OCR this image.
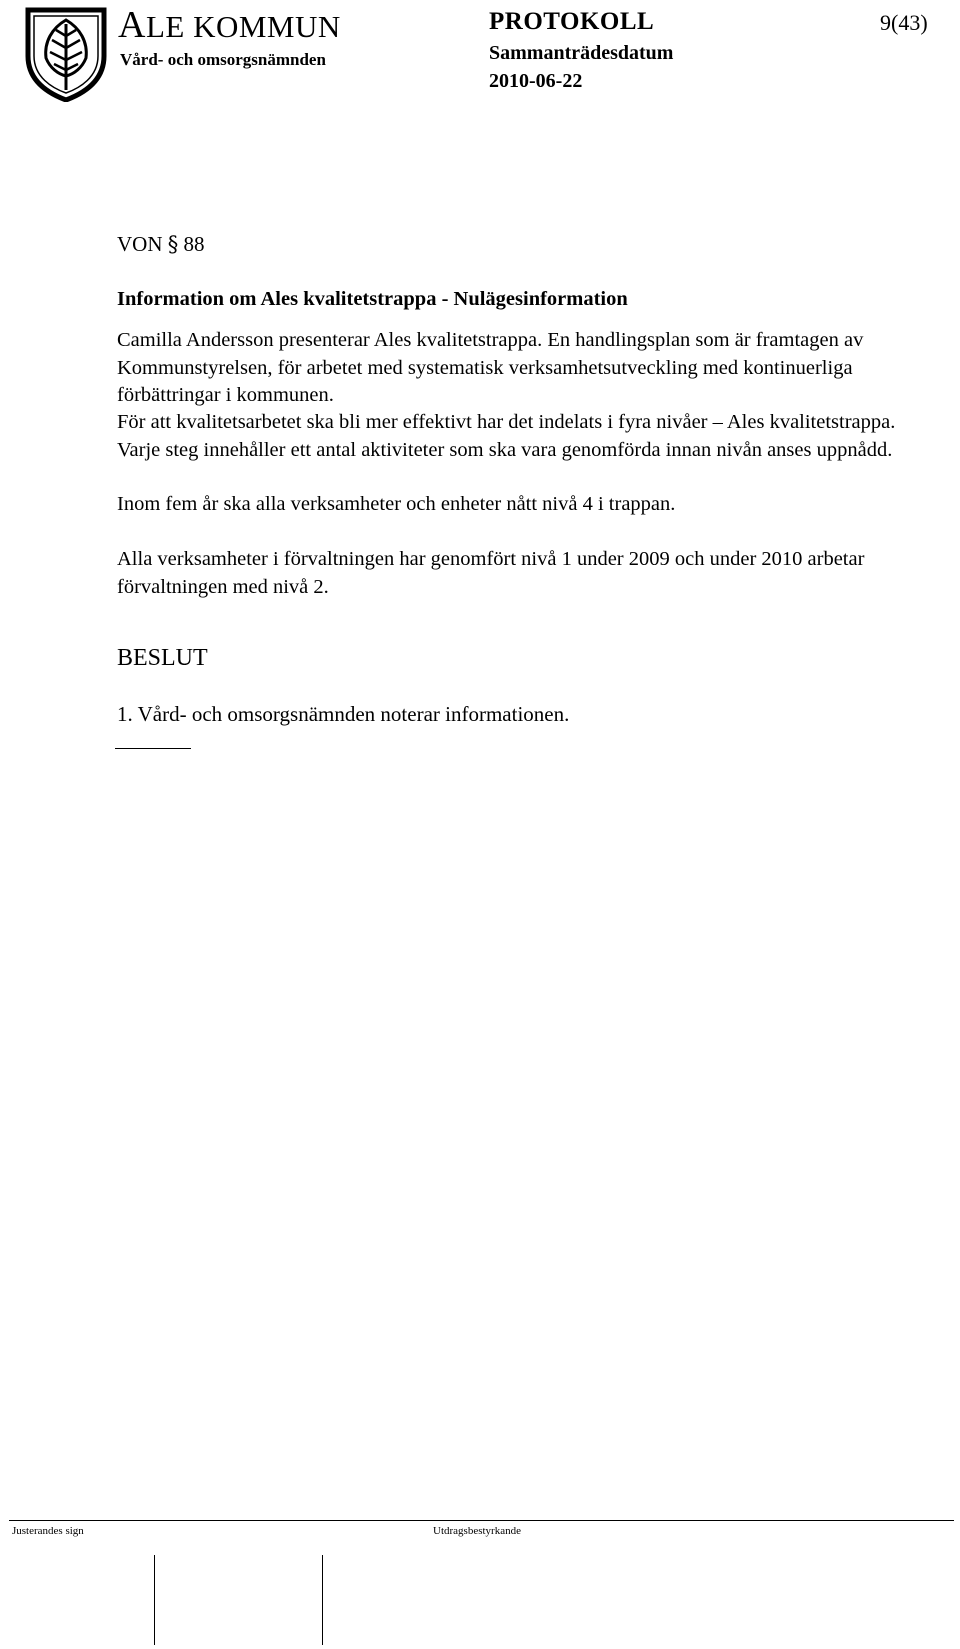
ALE KOMMUN
Vård- och omsorgsnämnden
PROTOKOLL	9(43)
Sammanträdesdatum
2010-06-22
VON § 88
Information om Ales kvalitetstrappa - Nulägesinformation

Camilla Andersson presenterar Ales kvalitetstrappa. En handlingsplan som är framtagen av Kommunstyrelsen, för arbetet med systematisk verksamhetsutveckling med kontinuerliga förbättringar i kommunen.

För att kvalitetsarbetet ska bli mer effektivt har det indelats i fyra nivåer – Ales kvalitetstrappa. Varje steg innehåller ett antal aktiviteter som ska vara genomförda innan nivån anses uppnådd.

Inom fem år ska alla verksamheter och enheter nått nivå 4 i trappan.

Alla verksamheter i förvaltningen har genomfört nivå 1 under 2009 och under 2010 arbetar förvaltningen med nivå 2.

BESLUT
1. Vård- och omsorgsnämnden noterar informationen.
Justerandes sign	Utdragsbestyrkande
